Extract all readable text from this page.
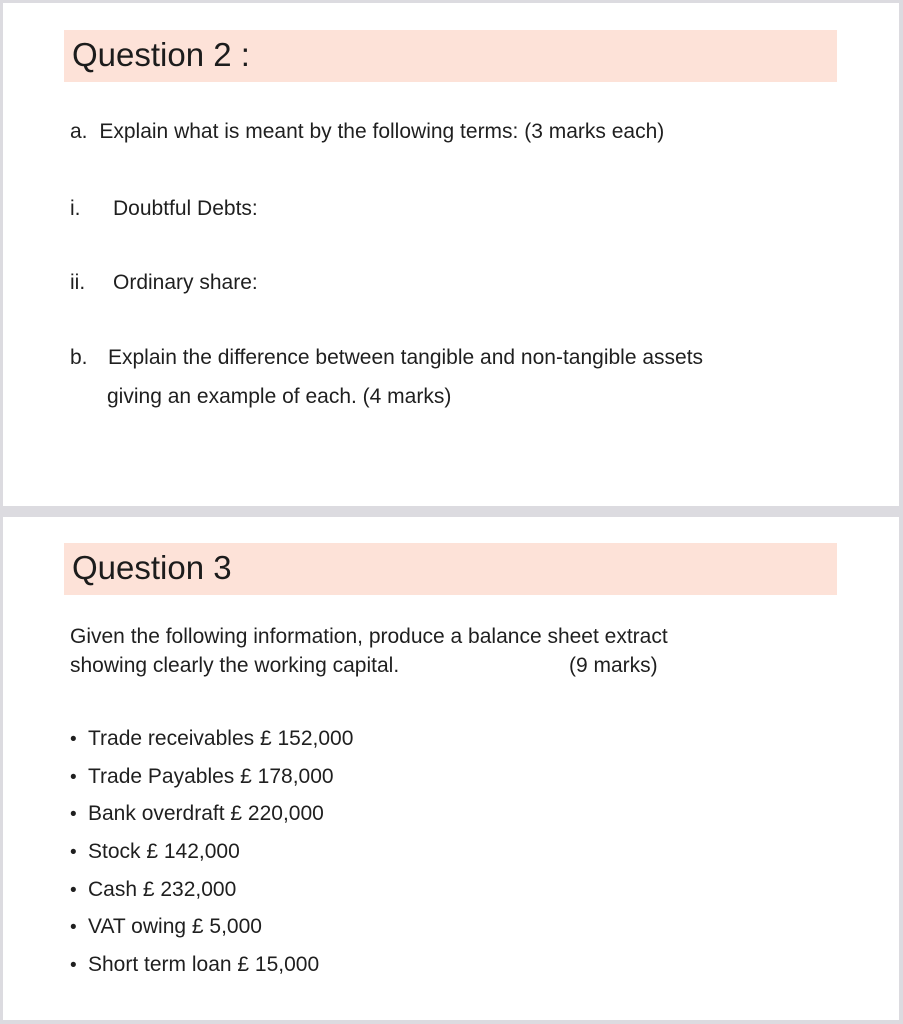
Question 2 :
a. Explain what is meant by the following terms: (3 marks each)
i. Doubtful Debts:
ii. Ordinary share:
b. Explain the difference between tangible and non-tangible assets
giving an example of each. (4 marks)
Question 3
Given the following information, produce a balance sheet extract
showing clearly the working capital.	(9 marks)
• Trade receivables £ 152,000
• Trade Payables £ 178,000
• Bank overdraft £ 220,000
• Stock £ 142,000
• Cash £ 232,000
• VAT owing £ 5,000
• Short term loan £ 15,000
